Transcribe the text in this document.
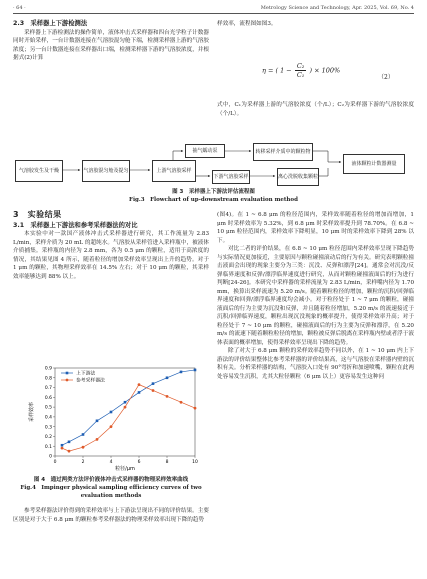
· 64 ·	Metrology Science and Technology, Apr. 2025, Vol. 69, No. 4
2.3　采样器上下游检测法

采样器上下游检测法的操作简单，液体冲击式采样器和四台光学粒子计数器同时开始采样，一台计数器连接在气溶胶混匀舱下端，检测采样器上游的气溶胶浓度；另一台计数器连接在采样器出口端，检测采样器下游的气溶胶浓度，并根据式(2)计算

样效率，流程图如图3。
η = ( $1 - \frac{\text{C₂}}{\text{C₁}}$ ) × 100%
（2）

式中，C₁为采样器上游的气溶胶浓度（个/L）；C₂为采样器下游的气溶胶浓度（个/L）。

气溶胶发生及干燥	气溶胶混匀舱及提匀	上游气溶胶采样
抽气蠕动泵	转移采样介质中的颗粒物
下游气溶胶采样	离心洗脱收集颗粒
液体颗粒计数器测量
图 3　采样器上下游法评估流程图
Fig.3　Flowchart of up-downstream evaluation method
3　实验结果
3.1　采样器上下游法和参考采样器法的对比

本实验中对一款国产液体冲击式采样器进行研究，其工作流量为 2.83 L/min，采样介质为 20 mL 的超纯水。气溶胶从采样管进入采样瓶中，被液体介质捕集。采样瓶的内径为 2.8 mm，各为 0.5 μm 的颗粒，适用于高浓度的情况，其结果见图 4 所示，随着粒径的增加采样效率呈现出上升的趋势。对于 1 μm 的颗粒，其物理采样效率在 14.5% 左右；对于 10 μm 的颗粒，其采样效率能够达到 88% 以上。

0
0.1
0.2
0.3
0.4
0.5
0.6
0.7
0.8
0.9
0	2	4	6	8	10
粒径/μm
采样效率
上下游法
参考采样器法
图 4　通过两类方法评价液体冲击式采样器的物理采样效率曲线
Fig.4　Impinger physical sampling efficiency curves of two evaluation methods

参考采样器法评价得到的采样效率与上下游法呈现出不同的评价结果。主要区别是对于大于 6.8 μm 的颗粒参考采样器法的物理采样效率出现下降的趋势

(图4)。在 1 ~ 6.8 μm 的粒径范围内，采样效率随着粒径的增加而增加，1 μm 时采样效率为 5.32%，到 6.8 μm 时采样效率提升到 78.70%。在 6.8 ~ 10 μm 粒径范围内，采样效率下降明显，10 μm 时的采样效率下降到 28% 以下。

对比二者的评价结果，在 6.8 ~ 10 μm 粒径范围内采样效率呈现下降趋势与实际情况更加接近，主要原因与颗粒碰撞滚动后的行为有关。研究表明颗粒撞击液面会出现的现象主要分为三类：沉没、反弹和漂浮[24]。通常会对沉没/反弹临界速度和反弹/漂浮临界速度进行研究，从而对颗粒碰撞液面后的行为进行判断[24-26]。本研究中采样器的采样流量为 2.83 L/min，采样嘴内径为 1.70 mm，换算出采样流速为 5.20 m/s。随着颗粒粒径的增加，颗粒的沉积/回弹临界速度和回弹/漂浮临界速度均会减小。对于粒径处于 1 ~ 7 μm 的颗粒，碰撞液面后的行为主要为沉没和反弹，并且随着粒径增加，5.20 m/s 的流速接近于沉积/回弹临界速度，颗粒出现沉没现象的概率提升，使得采样效率升高；对于粒径处于 7 ~ 10 μm 的颗粒，碰撞液面后的行为主要为反弹和漂浮，在 5.20 m/s 的流速下随着颗粒粒径的增加，颗粒被反弹后脱离在采样瓶内壁或者浮于液体表面的概率增加，使得采样效率呈现出下降的趋势。

除了对大于 6.8 μm 颗粒的采样效率趋势不同以外，在 1 ~ 10 μm 内上下游法的评价结果整体比参考采样器的评价结果高，这与气溶胶在采样器内壁的沉积有关。分析采样器的结构，气溶胶入口处有 90°弯折和加速喷嘴，颗粒在此两处容易发生沉积，尤其大粒径颗粒（6 μm 以上）更容易发生这种问
